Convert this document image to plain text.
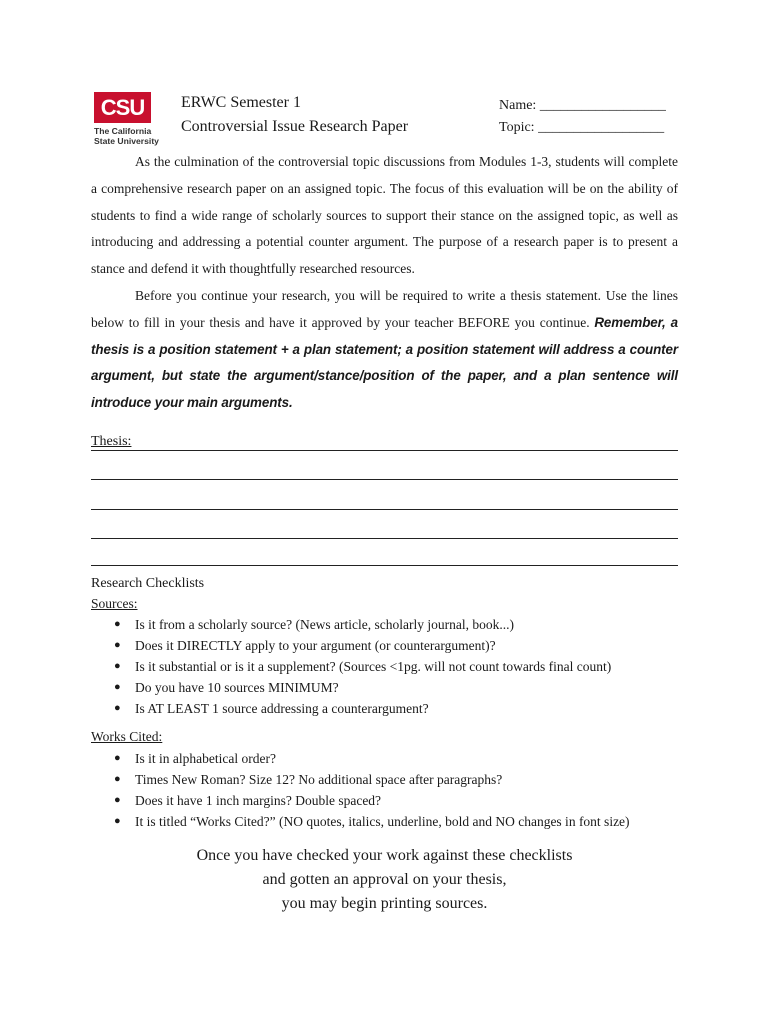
CSU
The California
State University
ERWC Semester 1
Controversial Issue Research Paper
Name: __________________
Topic: __________________
As the culmination of the controversial topic discussions from Modules 1-3, students will complete a comprehensive research paper on an assigned topic. The focus of this evaluation will be on the ability of students to find a wide range of scholarly sources to support their stance on the assigned topic, as well as introducing and addressing a potential counter argument. The purpose of a research paper is to present a stance and defend it with thoughtfully researched resources.
Before you continue your research, you will be required to write a thesis statement. Use the lines below to fill in your thesis and have it approved by your teacher BEFORE you continue. Remember, a thesis is a position statement + a plan statement; a position statement will address a counter argument, but state the argument/stance/position of the paper, and a plan sentence will introduce your main arguments.
Thesis:
Research Checklists
Sources:
● Is it from a scholarly source? (News article, scholarly journal, book...)
● Does it DIRECTLY apply to your argument (or counterargument)?
● Is it substantial or is it a supplement? (Sources <1pg. will not count towards final count)
● Do you have 10 sources MINIMUM?
● Is AT LEAST 1 source addressing a counterargument?
Works Cited:
● Is it in alphabetical order?
● Times New Roman? Size 12? No additional space after paragraphs?
● Does it have 1 inch margins? Double spaced?
● It is titled “Works Cited?” (NO quotes, italics, underline, bold and NO changes in font size)
Once you have checked your work against these checklists
and gotten an approval on your thesis,
you may begin printing sources.
